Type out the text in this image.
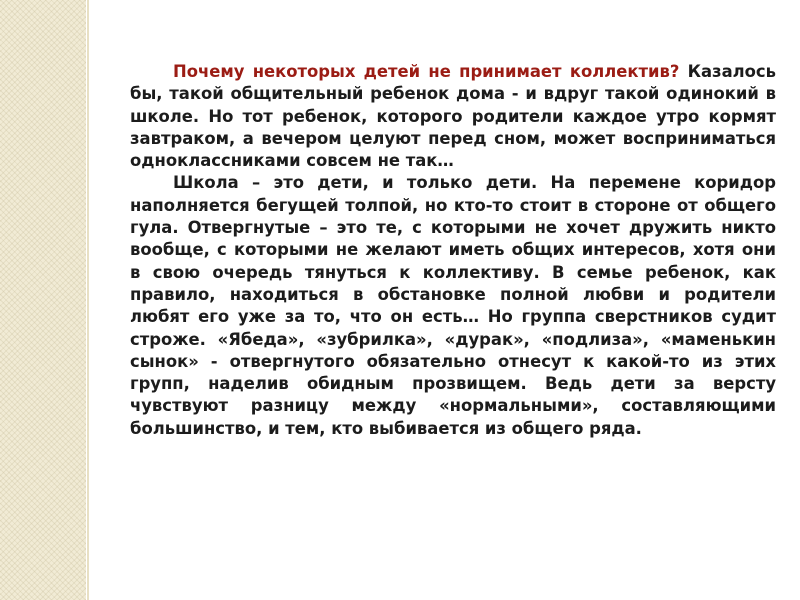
Почему некоторых детей не принимает коллектив? Казалось бы, такой общительный ребенок дома - и вдруг такой одинокий в школе. Но тот ребенок, которого родители каждое утро кормят завтраком, а вечером целуют перед сном, может восприниматься одноклассниками совсем не так…

Школа – это дети, и только дети. На перемене коридор наполняется бегущей толпой, но кто-то стоит в стороне от общего гула. Отвергнутые – это те, с которыми не хочет дружить никто вообще, с которыми не желают иметь общих интересов, хотя они в свою очередь тянуться к коллективу. В семье ребенок, как правило, находиться в обстановке полной любви и родители любят его уже за то, что он есть… Но группа сверстников судит строже. «Ябеда», «зубрилка», «дурак», «подлиза», «маменькин сынок» - отвергнутого обязательно отнесут к какой-то из этих групп, наделив обидным прозвищем. Ведь дети за версту чувствуют разницу между «нормальными», составляющими большинство, и тем, кто выбивается из общего ряда.
